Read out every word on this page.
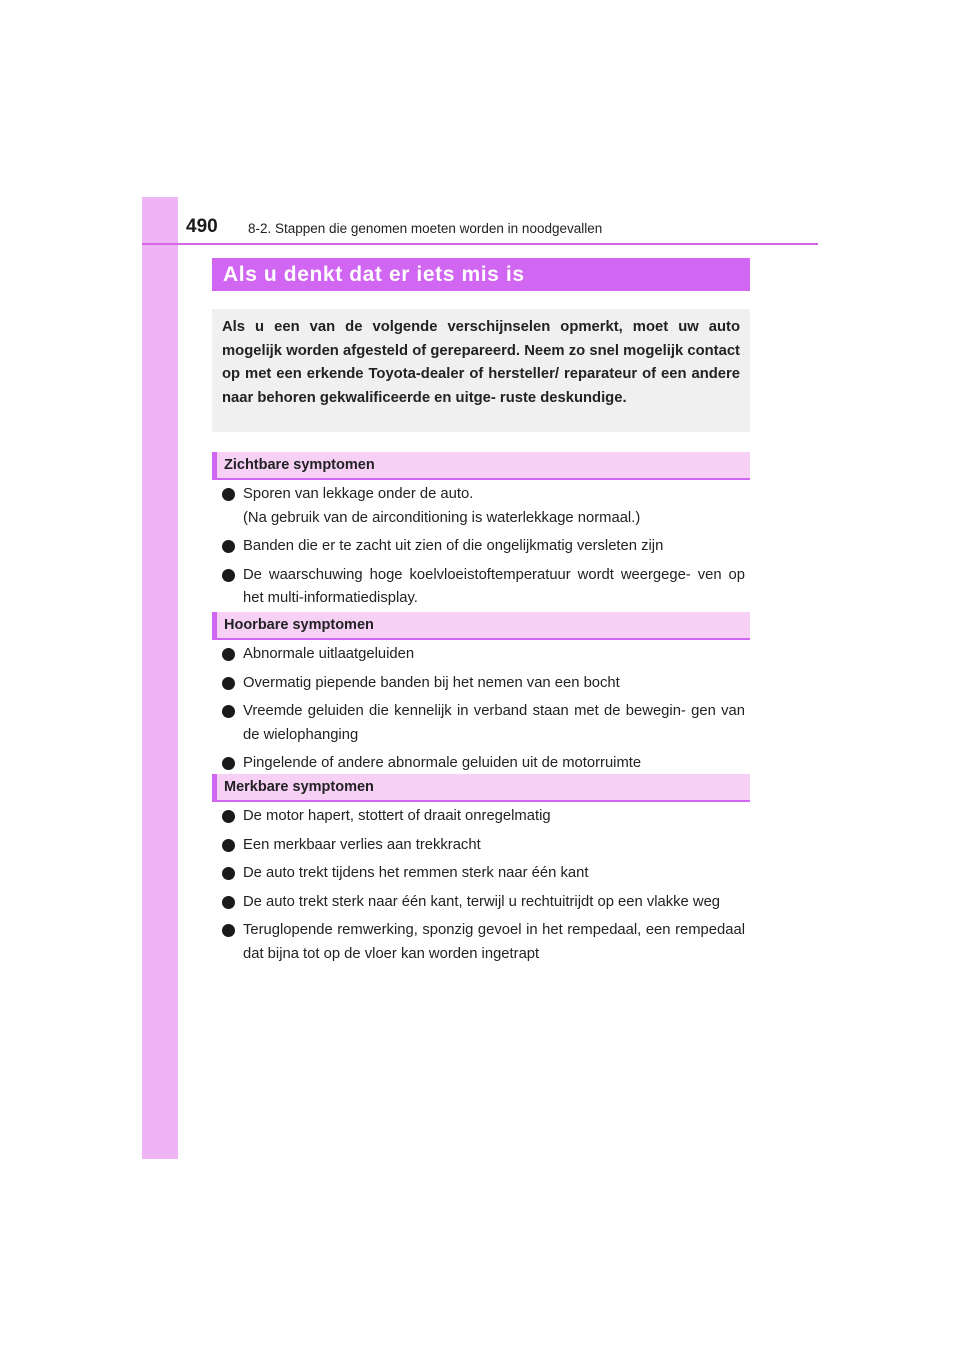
490 8-2. Stappen die genomen moeten worden in noodgevallen
Als u denkt dat er iets mis is

Als u een van de volgende verschijnselen opmerkt, moet uw auto mogelijk worden afgesteld of gerepareerd. Neem zo snel mogelijk contact op met een erkende Toyota-dealer of hersteller/ reparateur of een andere naar behoren gekwalificeerde en uitge- ruste deskundige.

Zichtbare symptomen
Sporen van lekkage onder de auto.
(Na gebruik van de airconditioning is waterlekkage normaal.)
Banden die er te zacht uit zien of die ongelijkmatig versleten zijn
De waarschuwing hoge koelvloeistoftemperatuur wordt weergege- ven op het multi-informatiedisplay.
Hoorbare symptomen
Abnormale uitlaatgeluiden
Overmatig piepende banden bij het nemen van een bocht
Vreemde geluiden die kennelijk in verband staan met de bewegin- gen van de wielophanging
Pingelende of andere abnormale geluiden uit de motorruimte
Merkbare symptomen
De motor hapert, stottert of draait onregelmatig
Een merkbaar verlies aan trekkracht
De auto trekt tijdens het remmen sterk naar één kant
De auto trekt sterk naar één kant, terwijl u rechtuitrijdt op een vlakke weg
Teruglopende remwerking, sponzig gevoel in het rempedaal, een rempedaal dat bijna tot op de vloer kan worden ingetrapt
